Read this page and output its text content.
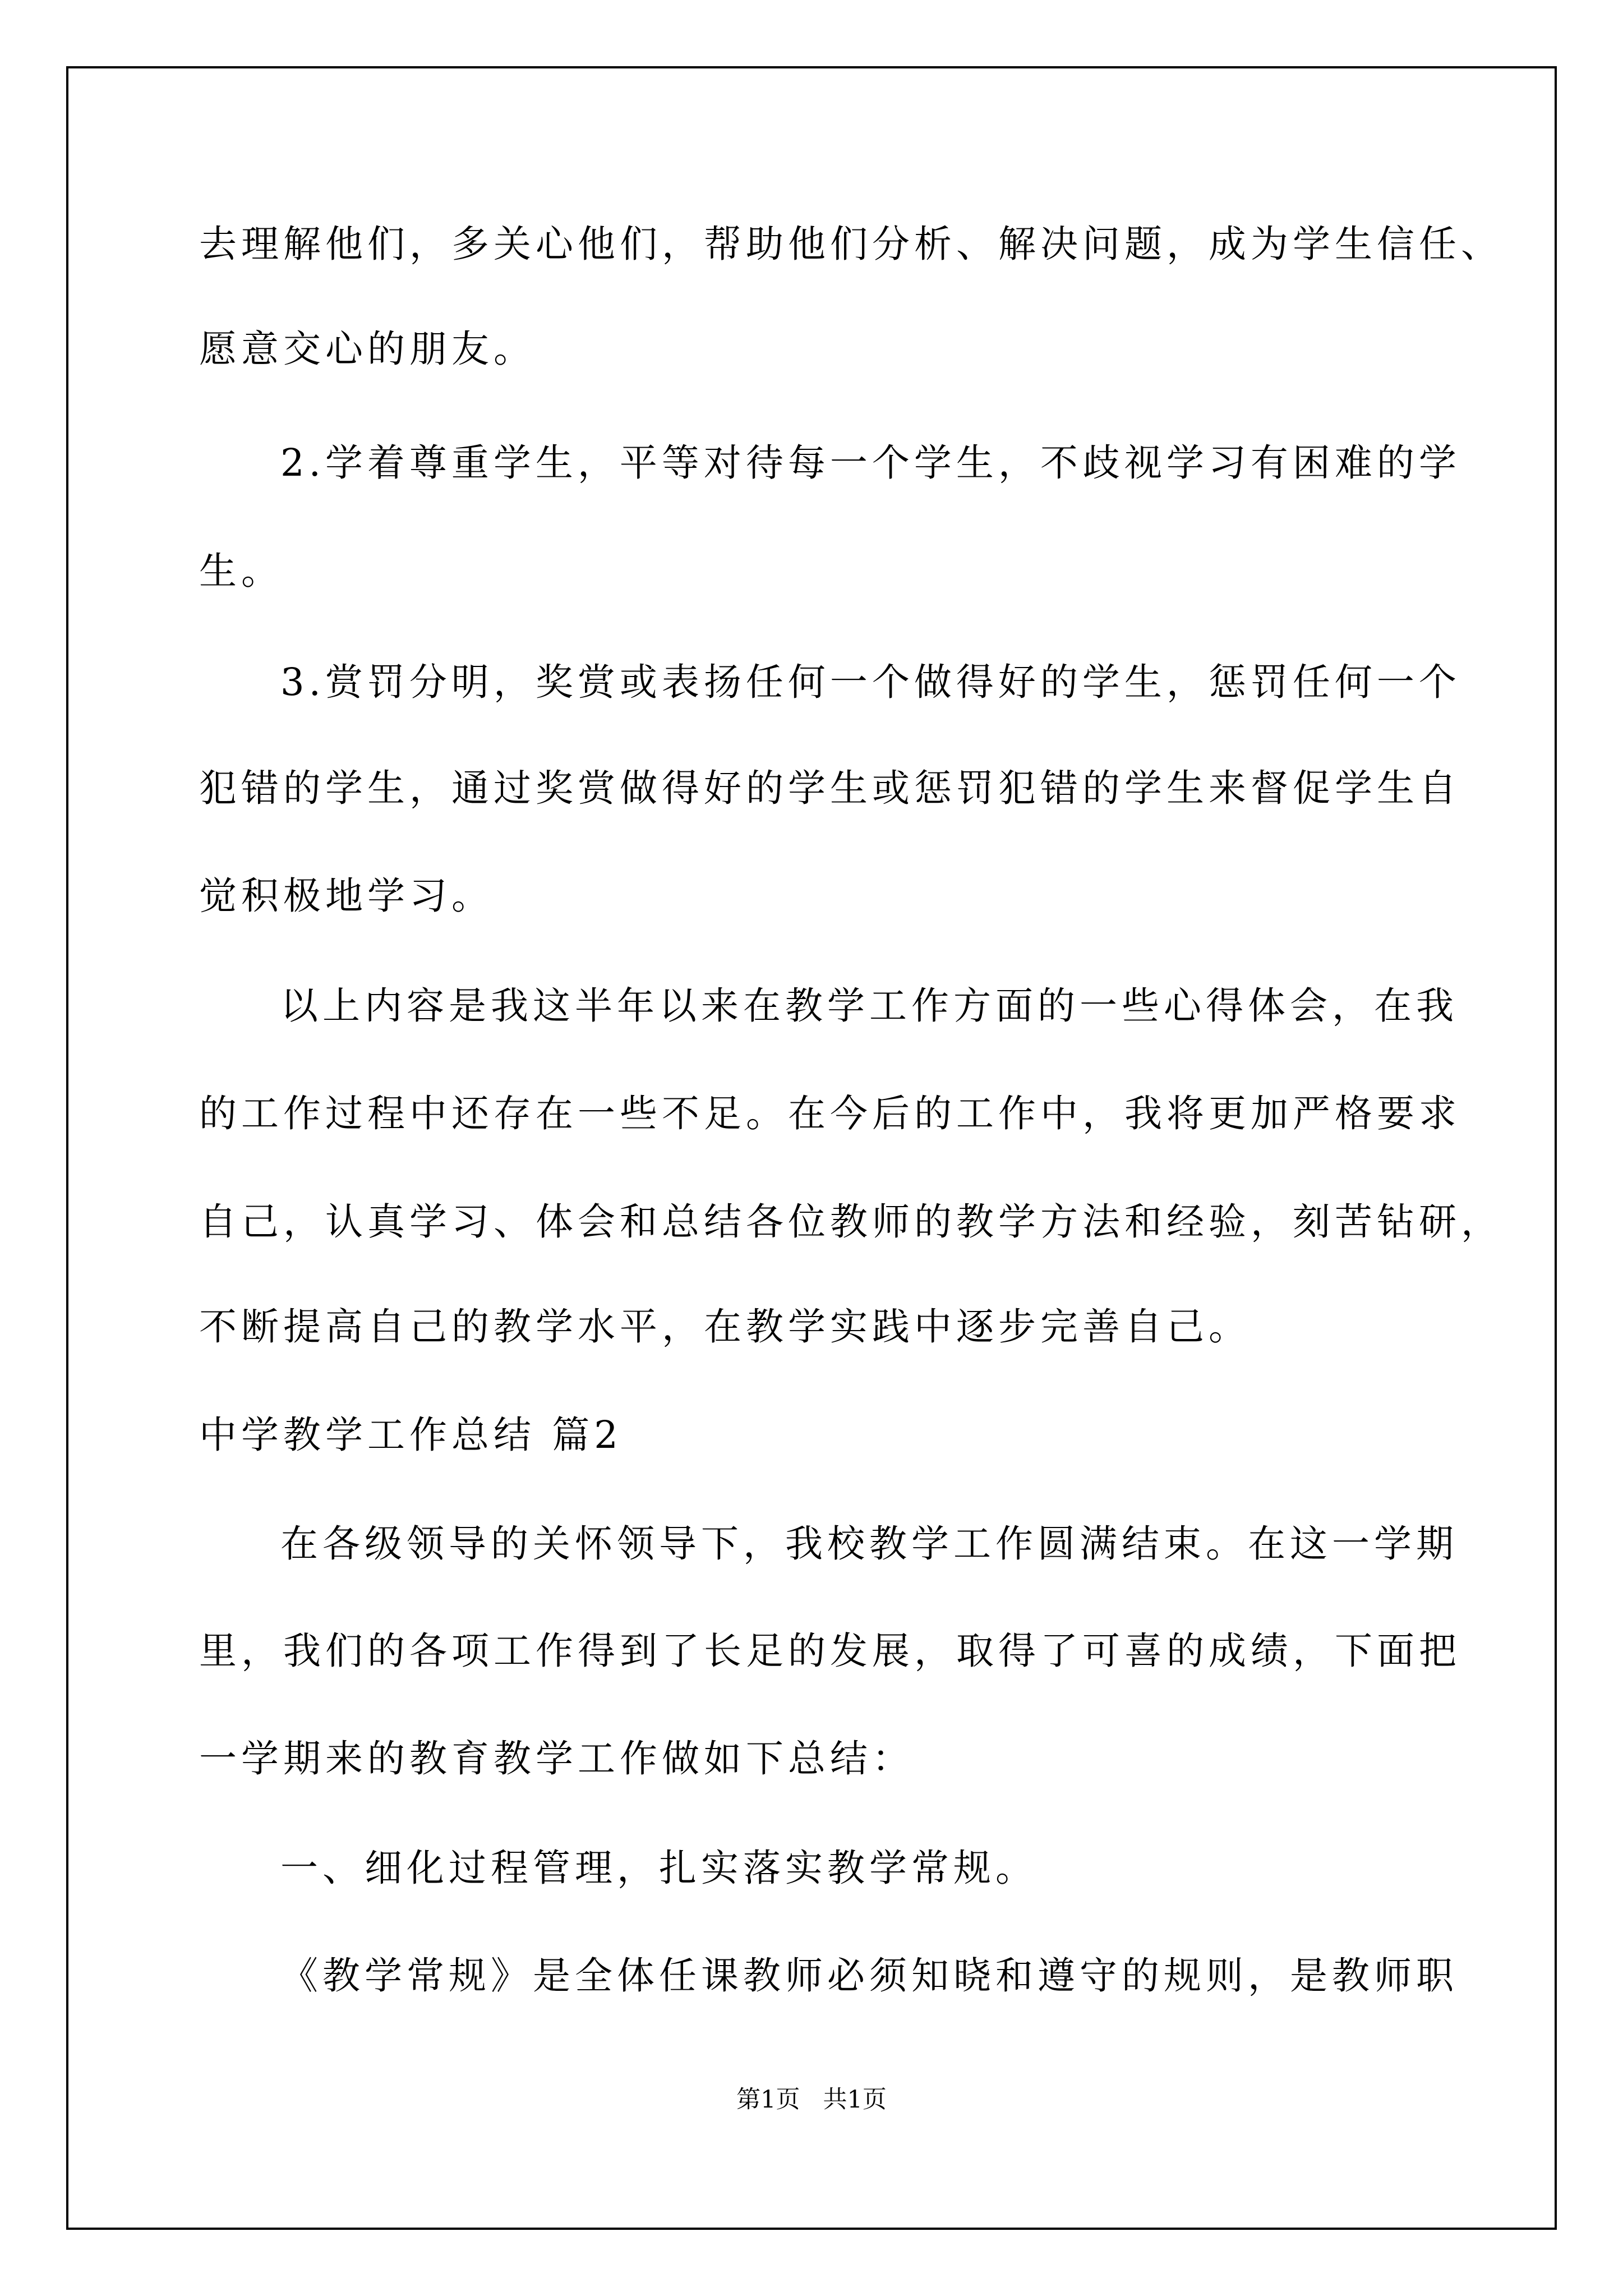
去理解他们，多关心他们，帮助他们分析、解决问题，成为学生信任、
愿意交心的朋友。
2.学着尊重学生，平等对待每一个学生，不歧视学习有困难的学
生。
3.赏罚分明，奖赏或表扬任何一个做得好的学生，惩罚任何一个
犯错的学生，通过奖赏做得好的学生或惩罚犯错的学生来督促学生自
觉积极地学习。
以上内容是我这半年以来在教学工作方面的一些心得体会，在我
的工作过程中还存在一些不足。在今后的工作中，我将更加严格要求
自己，认真学习、体会和总结各位教师的教学方法和经验，刻苦钻研，
不断提高自己的教学水平，在教学实践中逐步完善自己。
中学教学工作总结 篇2
在各级领导的关怀领导下，我校教学工作圆满结束。在这一学期
里，我们的各项工作得到了长足的发展，取得了可喜的成绩，下面把
一学期来的教育教学工作做如下总结：
一、细化过程管理，扎实落实教学常规。
《教学常规》是全体任课教师必须知晓和遵守的规则，是教师职
第1页   共1页
